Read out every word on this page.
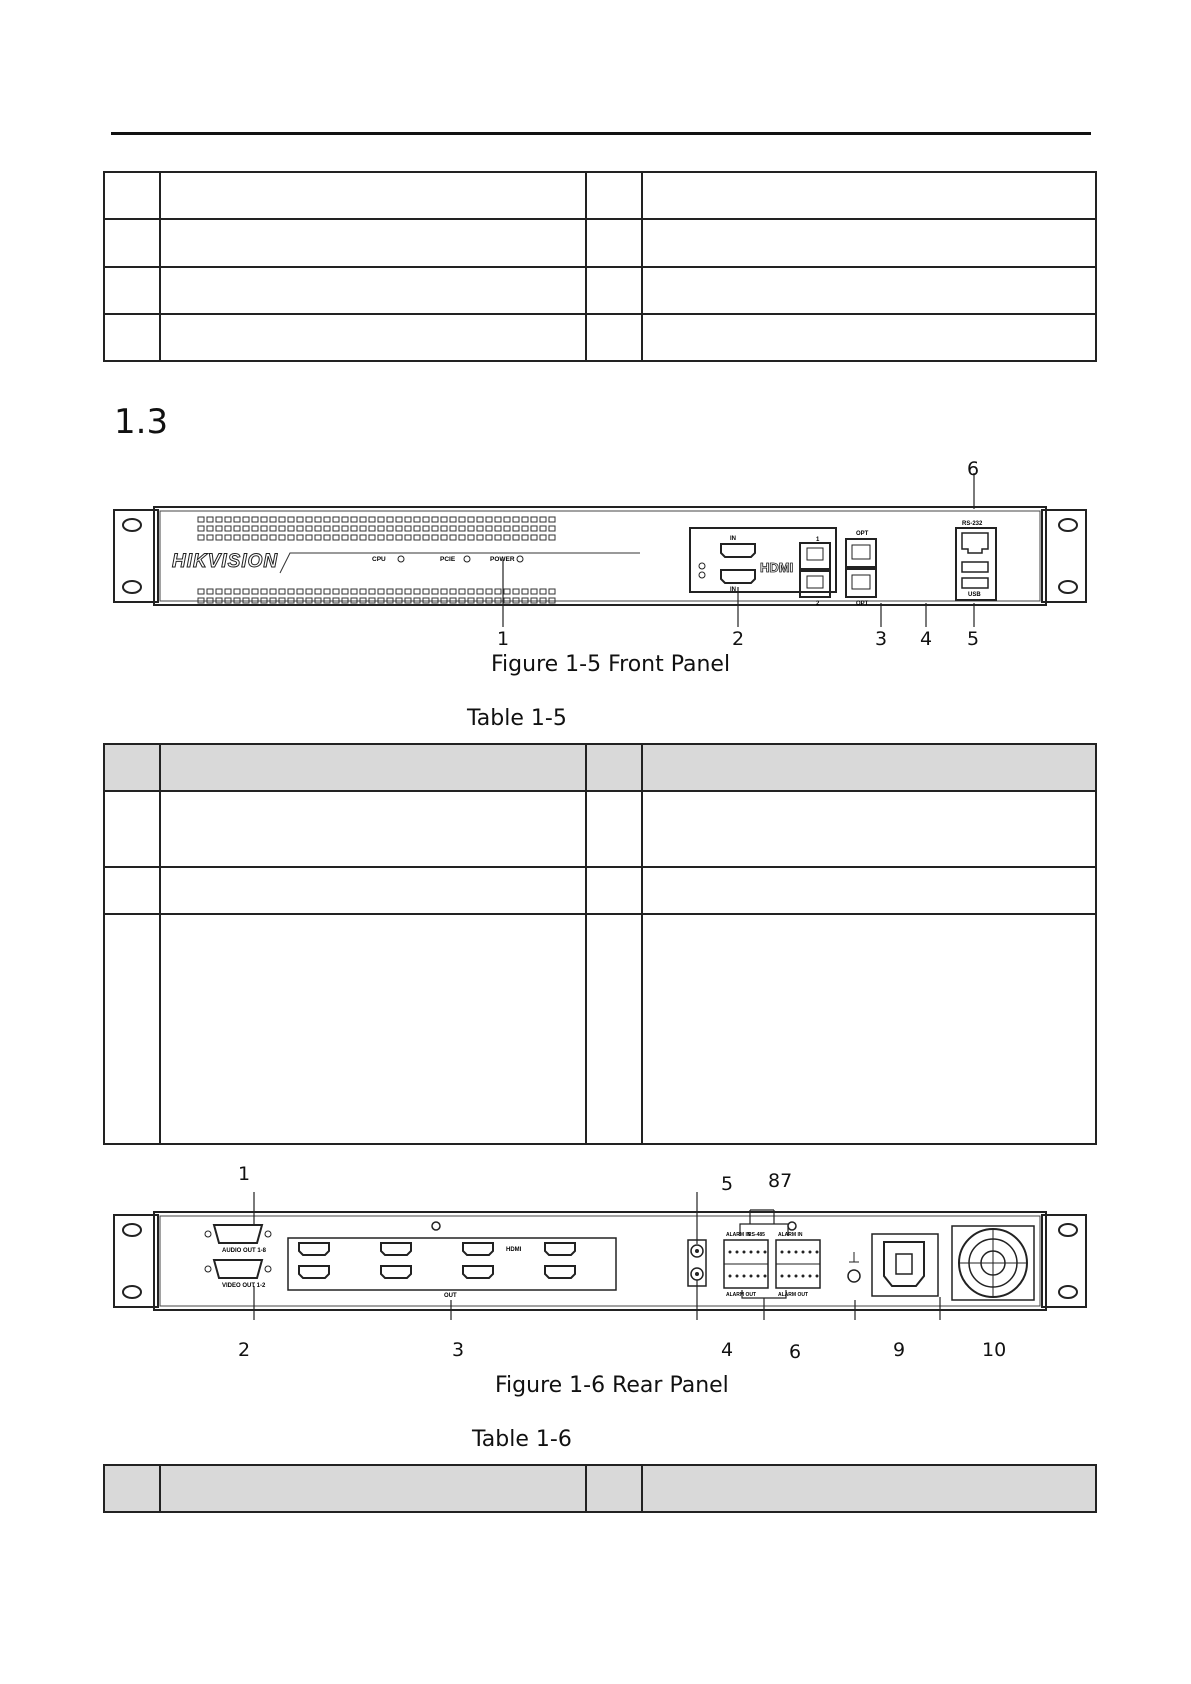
1.3
HIKVISION	CPU	PCIE	POWER
IN
IN
HDMI
1
2
OPT
OPT
RS-232
USB
1	2	3 4 5
6
Figure 1-5 Front Panel
Table 1-5

AUDIO OUT 1-8
VIDEO OUT 1-2
HDMI
OUT
ALARM IN
RS-485
ALARM OUT
ALARM IN
ALARM OUT
1
2	3	4
5
6
87
9	10
Figure 1-6 Rear Panel
Table 1-6
